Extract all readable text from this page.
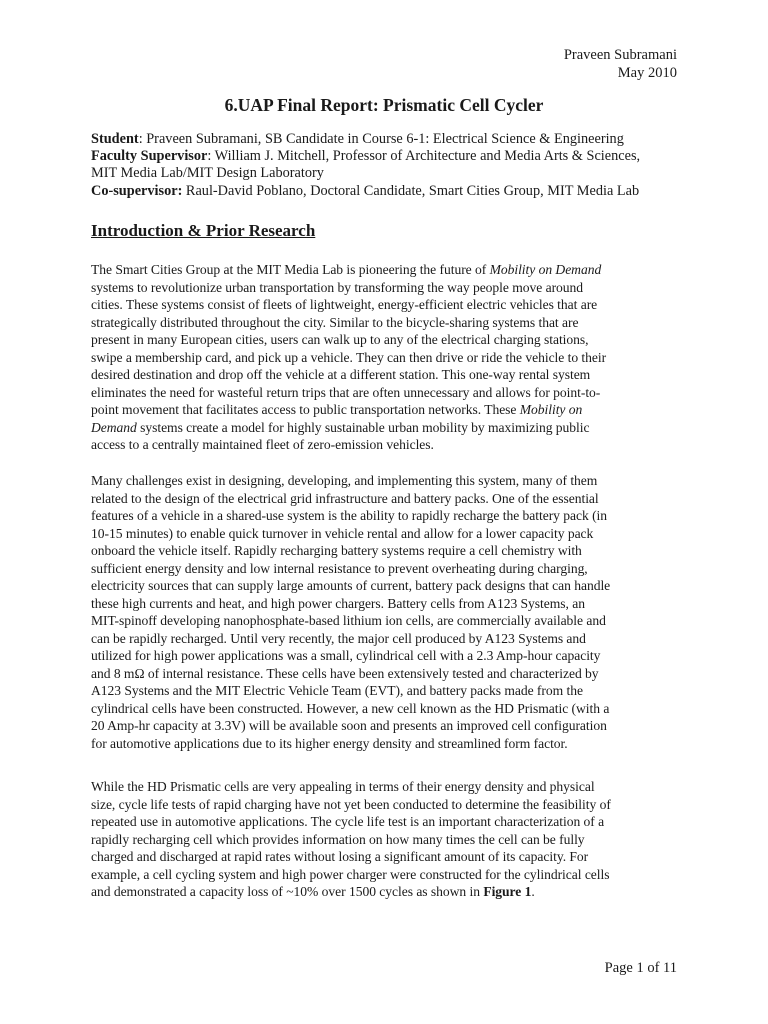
Praveen Subramani
May 2010
6.UAP Final Report: Prismatic Cell Cycler

Student: Praveen Subramani, SB Candidate in Course 6-1: Electrical Science & Engineering

Faculty Supervisor: William J. Mitchell, Professor of Architecture and Media Arts & Sciences,

MIT Media Lab/MIT Design Laboratory

Co-supervisor: Raul-David Poblano, Doctoral Candidate, Smart Cities Group, MIT Media Lab

Introduction & Prior Research
The Smart Cities Group at the MIT Media Lab is pioneering the future of Mobility on Demand
systems to revolutionize urban transportation by transforming the way people move around
cities. These systems consist of fleets of lightweight, energy-efficient electric vehicles that are
strategically distributed throughout the city. Similar to the bicycle-sharing systems that are
present in many European cities, users can walk up to any of the electrical charging stations,
swipe a membership card, and pick up a vehicle. They can then drive or ride the vehicle to their
desired destination and drop off the vehicle at a different station. This one-way rental system
eliminates the need for wasteful return trips that are often unnecessary and allows for point-to-
point movement that facilitates access to public transportation networks. These Mobility on
Demand systems create a model for highly sustainable urban mobility by maximizing public
access to a centrally maintained fleet of zero-emission vehicles.
Many challenges exist in designing, developing, and implementing this system, many of them
related to the design of the electrical grid infrastructure and battery packs. One of the essential
features of a vehicle in a shared-use system is the ability to rapidly recharge the battery pack (in
10-15 minutes) to enable quick turnover in vehicle rental and allow for a lower capacity pack
onboard the vehicle itself. Rapidly recharging battery systems require a cell chemistry with
sufficient energy density and low internal resistance to prevent overheating during charging,
electricity sources that can supply large amounts of current, battery pack designs that can handle
these high currents and heat, and high power chargers. Battery cells from A123 Systems, an
MIT-spinoff developing nanophosphate-based lithium ion cells, are commercially available and
can be rapidly recharged. Until very recently, the major cell produced by A123 Systems and
utilized for high power applications was a small, cylindrical cell with a 2.3 Amp-hour capacity
and 8 mΩ of internal resistance. These cells have been extensively tested and characterized by
A123 Systems and the MIT Electric Vehicle Team (EVT), and battery packs made from the
cylindrical cells have been constructed. However, a new cell known as the HD Prismatic (with a
20 Amp-hr capacity at 3.3V) will be available soon and presents an improved cell configuration
for automotive applications due to its higher energy density and streamlined form factor.
While the HD Prismatic cells are very appealing in terms of their energy density and physical
size, cycle life tests of rapid charging have not yet been conducted to determine the feasibility of
repeated use in automotive applications. The cycle life test is an important characterization of a
rapidly recharging cell which provides information on how many times the cell can be fully
charged and discharged at rapid rates without losing a significant amount of its capacity. For
example, a cell cycling system and high power charger were constructed for the cylindrical cells
and demonstrated a capacity loss of ~10% over 1500 cycles as shown in Figure 1.
Page 1 of 11
